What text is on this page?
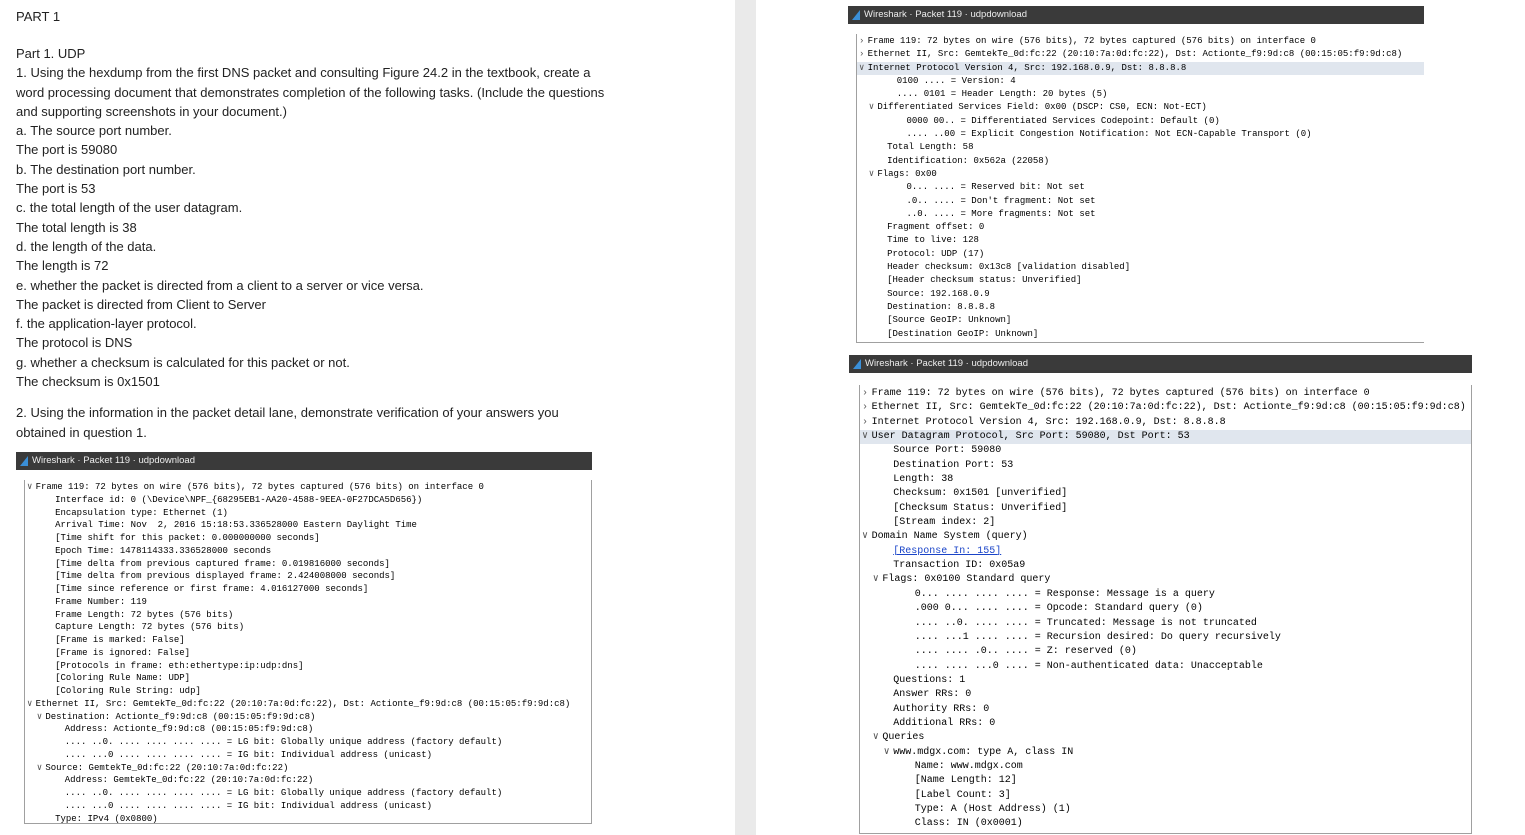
PART 1

Part 1. UDP

1. Using the hexdump from the first DNS packet and consulting Figure 24.2 in the textbook, create a

word processing document that demonstrates completion of the following tasks. (Include the questions

and supporting screenshots in your document.)

a. The source port number.

The port is 59080

b. The destination port number.

The port is 53

c. the total length of the user datagram.

The total length is 38

d. the length of the data.

The length is 72

e. whether the packet is directed from a client to a server or vice versa.

The packet is directed from Client to Server

f. the application-layer protocol.

The protocol is DNS

g. whether a checksum is calculated for this packet or not.

The checksum is 0x1501

2. Using the information in the packet detail lane, demonstrate verification of your answers you

obtained in question 1.

Wireshark · Packet 119 · udpdownload
∨ Frame 119: 72 bytes on wire (576 bits), 72 bytes captured (576 bits) on interface 0
Interface id: 0 (\Device\NPF_{68295EB1-AA20-4588-9EEA-0F27DCA5D656})
Encapsulation type: Ethernet (1)
Arrival Time: Nov  2, 2016 15:18:53.336528000 Eastern Daylight Time
[Time shift for this packet: 0.000000000 seconds]
Epoch Time: 1478114333.336528000 seconds
[Time delta from previous captured frame: 0.019816000 seconds]
[Time delta from previous displayed frame: 2.424008000 seconds]
[Time since reference or first frame: 4.016127000 seconds]
Frame Number: 119
Frame Length: 72 bytes (576 bits)
Capture Length: 72 bytes (576 bits)
[Frame is marked: False]
[Frame is ignored: False]
[Protocols in frame: eth:ethertype:ip:udp:dns]
[Coloring Rule Name: UDP]
[Coloring Rule String: udp]
∨ Ethernet II, Src: GemtekTe_0d:fc:22 (20:10:7a:0d:fc:22), Dst: Actionte_f9:9d:c8 (00:15:05:f9:9d:c8)
∨ Destination: Actionte_f9:9d:c8 (00:15:05:f9:9d:c8)
Address: Actionte_f9:9d:c8 (00:15:05:f9:9d:c8)
.... ..0. .... .... .... .... = LG bit: Globally unique address (factory default)
.... ...0 .... .... .... .... = IG bit: Individual address (unicast)
∨ Source: GemtekTe_0d:fc:22 (20:10:7a:0d:fc:22)
Address: GemtekTe_0d:fc:22 (20:10:7a:0d:fc:22)
.... ..0. .... .... .... .... = LG bit: Globally unique address (factory default)
.... ...0 .... .... .... .... = IG bit: Individual address (unicast)
Type: IPv4 (0x0800)
Wireshark · Packet 119 · udpdownload
› Frame 119: 72 bytes on wire (576 bits), 72 bytes captured (576 bits) on interface 0
› Ethernet II, Src: GemtekTe_0d:fc:22 (20:10:7a:0d:fc:22), Dst: Actionte_f9:9d:c8 (00:15:05:f9:9d:c8)
∨ Internet Protocol Version 4, Src: 192.168.0.9, Dst: 8.8.8.8
0100 .... = Version: 4
.... 0101 = Header Length: 20 bytes (5)
∨ Differentiated Services Field: 0x00 (DSCP: CS0, ECN: Not-ECT)
0000 00.. = Differentiated Services Codepoint: Default (0)
.... ..00 = Explicit Congestion Notification: Not ECN-Capable Transport (0)
Total Length: 58
Identification: 0x562a (22058)
∨ Flags: 0x00
0... .... = Reserved bit: Not set
.0.. .... = Don't fragment: Not set
..0. .... = More fragments: Not set
Fragment offset: 0
Time to live: 128
Protocol: UDP (17)
Header checksum: 0x13c8 [validation disabled]
[Header checksum status: Unverified]
Source: 192.168.0.9
Destination: 8.8.8.8
[Source GeoIP: Unknown]
[Destination GeoIP: Unknown]
Wireshark · Packet 119 · udpdownload
› Frame 119: 72 bytes on wire (576 bits), 72 bytes captured (576 bits) on interface 0
› Ethernet II, Src: GemtekTe_0d:fc:22 (20:10:7a:0d:fc:22), Dst: Actionte_f9:9d:c8 (00:15:05:f9:9d:c8)
› Internet Protocol Version 4, Src: 192.168.0.9, Dst: 8.8.8.8
∨ User Datagram Protocol, Src Port: 59080, Dst Port: 53
Source Port: 59080
Destination Port: 53
Length: 38
Checksum: 0x1501 [unverified]
[Checksum Status: Unverified]
[Stream index: 2]
∨ Domain Name System (query)
[Response In: 155]
Transaction ID: 0x05a9
∨ Flags: 0x0100 Standard query
0... .... .... .... = Response: Message is a query
.000 0... .... .... = Opcode: Standard query (0)
.... ..0. .... .... = Truncated: Message is not truncated
.... ...1 .... .... = Recursion desired: Do query recursively
.... .... .0.. .... = Z: reserved (0)
.... .... ...0 .... = Non-authenticated data: Unacceptable
Questions: 1
Answer RRs: 0
Authority RRs: 0
Additional RRs: 0
∨ Queries
∨ www.mdgx.com: type A, class IN
Name: www.mdgx.com
[Name Length: 12]
[Label Count: 3]
Type: A (Host Address) (1)
Class: IN (0x0001)
